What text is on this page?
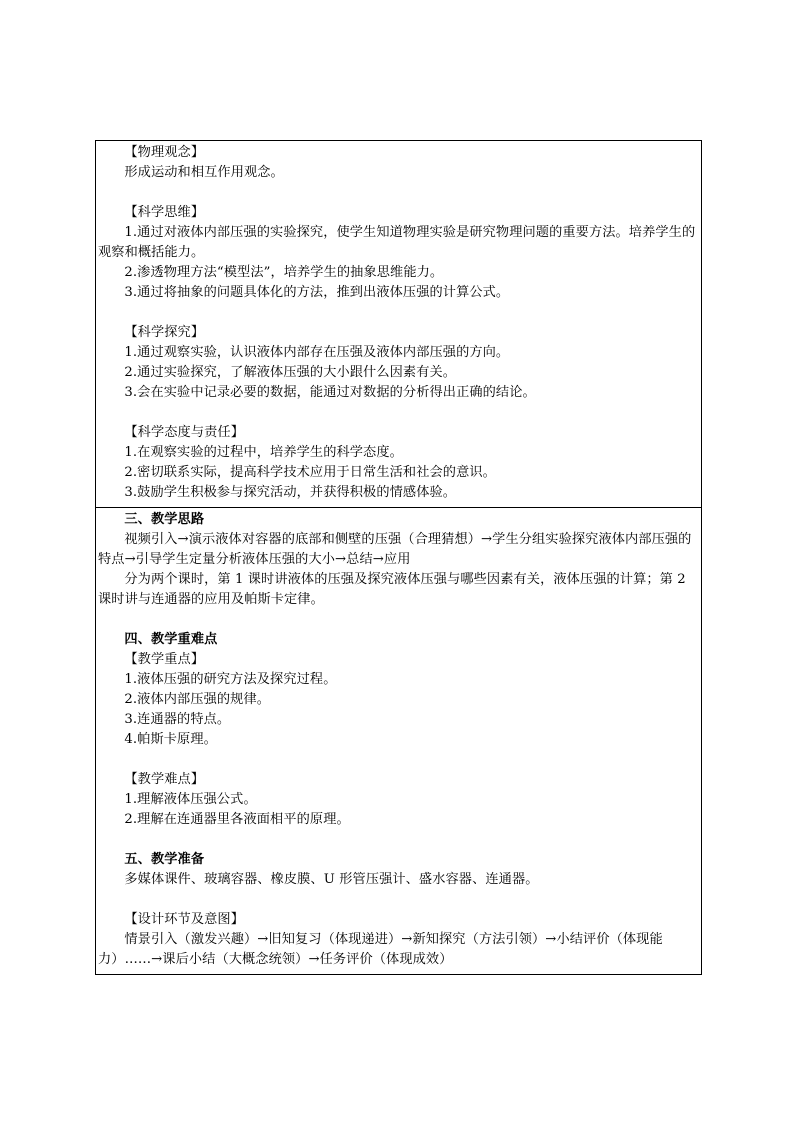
【物理观念】

形成运动和相互作用观念。

【科学思维】

1.通过对液体内部压强的实验探究，使学生知道物理实验是研究物理问题的重要方法。培养学生的观察和概括能力。

2.渗透物理方法“模型法”，培养学生的抽象思维能力。

3.通过将抽象的问题具体化的方法，推到出液体压强的计算公式。

【科学探究】

1.通过观察实验，认识液体内部存在压强及液体内部压强的方向。

2.通过实验探究，了解液体压强的大小跟什么因素有关。

3.会在实验中记录必要的数据，能通过对数据的分析得出正确的结论。

【科学态度与责任】

1.在观察实验的过程中，培养学生的科学态度。

2.密切联系实际，提高科学技术应用于日常生活和社会的意识。

3.鼓励学生积极参与探究活动，并获得积极的情感体验。

三、教学思路

视频引入→演示液体对容器的底部和侧壁的压强（合理猜想）→学生分组实验探究液体内部压强的特点→引导学生定量分析液体压强的大小→总结→应用

分为两个课时，第 1 课时讲液体的压强及探究液体压强与哪些因素有关，液体压强的计算；第 2 课时讲与连通器的应用及帕斯卡定律。

四、教学重难点

【教学重点】

1.液体压强的研究方法及探究过程。

2.液体内部压强的规律。

3.连通器的特点。

4.帕斯卡原理。

【教学难点】

1.理解液体压强公式。

2.理解在连通器里各液面相平的原理。

五、教学准备

多媒体课件、玻璃容器、橡皮膜、U 形管压强计、盛水容器、连通器。

【设计环节及意图】

情景引入（激发兴趣）→旧知复习（体现递进）→新知探究（方法引领）→小结评价（体现能力）……→课后小结（大概念统领）→任务评价（体现成效）
